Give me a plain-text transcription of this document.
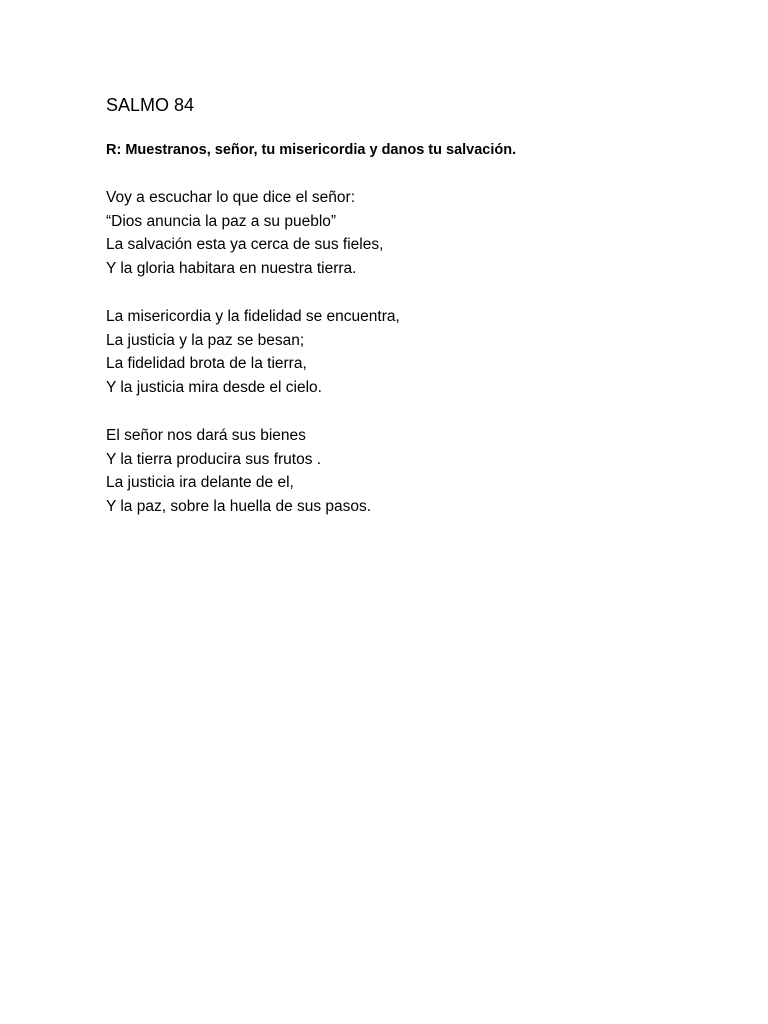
SALMO 84

R: Muestranos, señor, tu misericordia y danos tu salvación.

Voy a escuchar lo que dice el señor:
“Dios anuncia la paz a su pueblo”
La salvación esta ya cerca de sus fieles,
Y la gloria habitara en nuestra tierra.
La misericordia y la fidelidad se encuentra,
La justicia y la paz se besan;
La fidelidad brota de la tierra,
Y la justicia mira desde el cielo.
El señor nos dará sus bienes
Y la tierra producira sus frutos .
La justicia ira delante de el,
Y la paz, sobre la huella de sus pasos.
